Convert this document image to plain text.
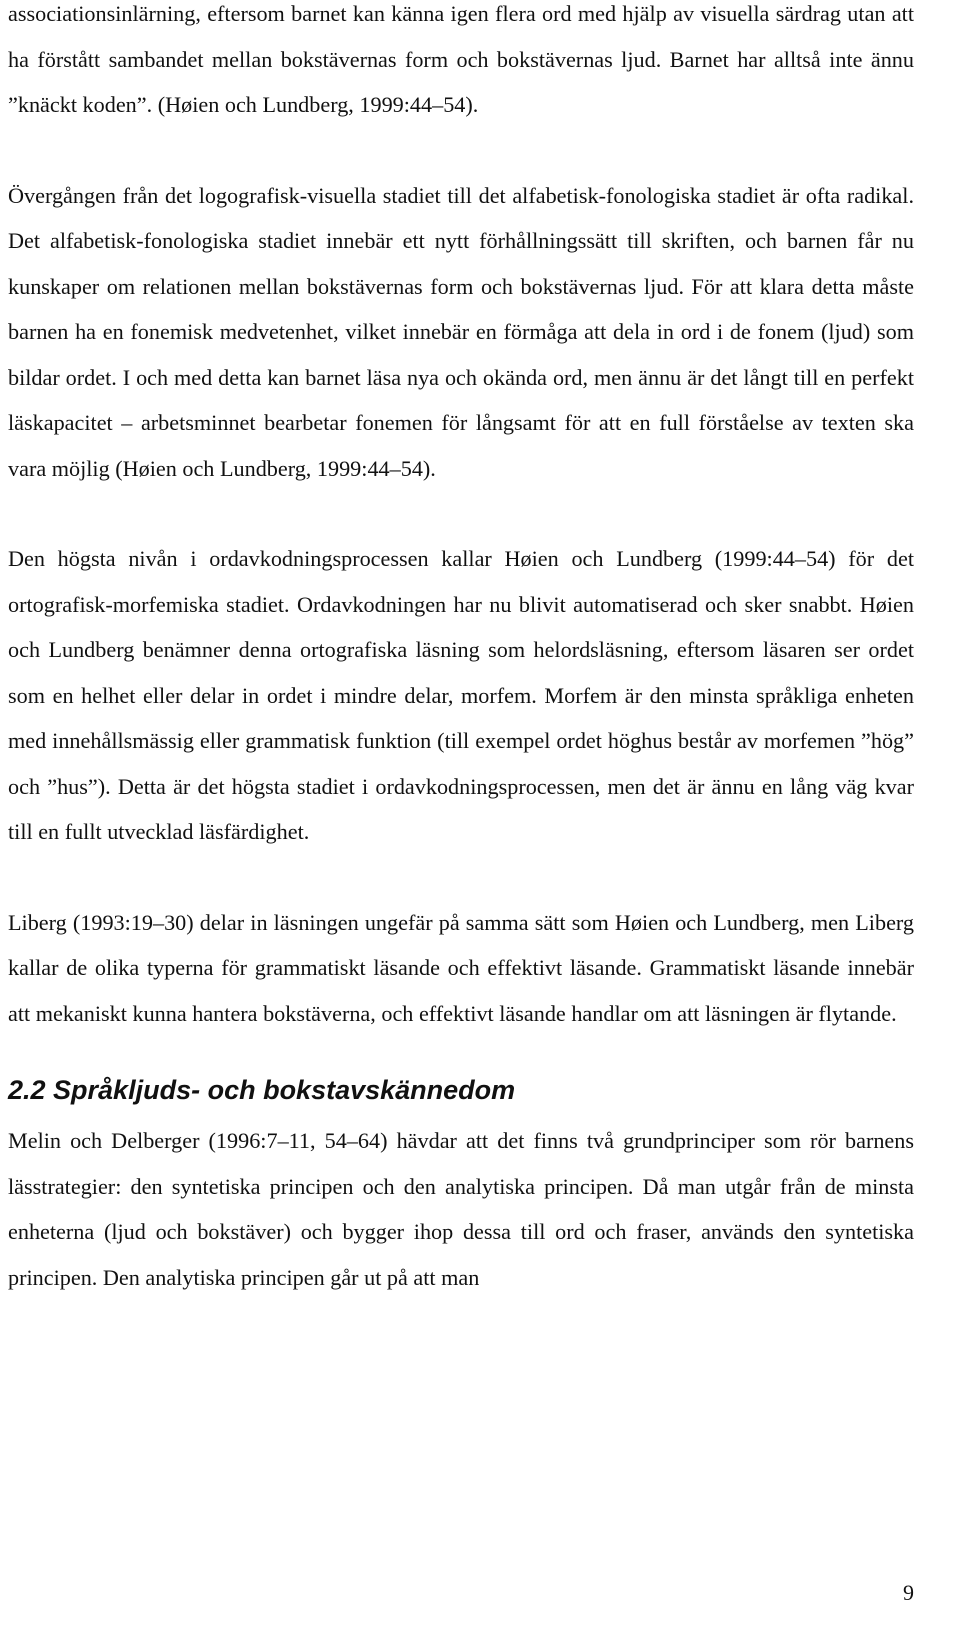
associationsinlärning, eftersom barnet kan känna igen flera ord med hjälp av visuella särdrag utan att ha förstått sambandet mellan bokstävernas form och bokstävernas ljud. Barnet har alltså inte ännu ”knäckt koden”. (Høien och Lundberg, 1999:44–54).

Övergången från det logografisk-visuella stadiet till det alfabetisk-fonologiska stadiet är ofta radikal. Det alfabetisk-fonologiska stadiet innebär ett nytt förhållningssätt till skriften, och barnen får nu kunskaper om relationen mellan bokstävernas form och bokstävernas ljud. För att klara detta måste barnen ha en fonemisk medvetenhet, vilket innebär en förmåga att dela in ord i de fonem (ljud) som bildar ordet. I och med detta kan barnet läsa nya och okända ord, men ännu är det långt till en perfekt läskapacitet – arbetsminnet bearbetar fonemen för långsamt för att en full förståelse av texten ska vara möjlig (Høien och Lundberg, 1999:44–54).

Den högsta nivån i ordavkodningsprocessen kallar Høien och Lundberg (1999:44–54) för det ortografisk-morfemiska stadiet. Ordavkodningen har nu blivit automatiserad och sker snabbt. Høien och Lundberg benämner denna ortografiska läsning som helordsläsning, eftersom läsaren ser ordet som en helhet eller delar in ordet i mindre delar, morfem. Morfem är den minsta språkliga enheten med innehållsmässig eller grammatisk funktion (till exempel ordet höghus består av morfemen ”hög” och ”hus”). Detta är det högsta stadiet i ordavkodningsprocessen, men det är ännu en lång väg kvar till en fullt utvecklad läsfärdighet.

Liberg (1993:19–30) delar in läsningen ungefär på samma sätt som Høien och Lundberg, men Liberg kallar de olika typerna för grammatiskt läsande och effektivt läsande. Grammatiskt läsande innebär att mekaniskt kunna hantera bokstäverna, och effektivt läsande handlar om att läsningen är flytande.

2.2 Språkljuds- och bokstavskännedom

Melin och Delberger (1996:7–11, 54–64) hävdar att det finns två grundprinciper som rör barnens lässtrategier: den syntetiska principen och den analytiska principen. Då man utgår från de minsta enheterna (ljud och bokstäver) och bygger ihop dessa till ord och fraser, används den syntetiska principen. Den analytiska principen går ut på att man

9
